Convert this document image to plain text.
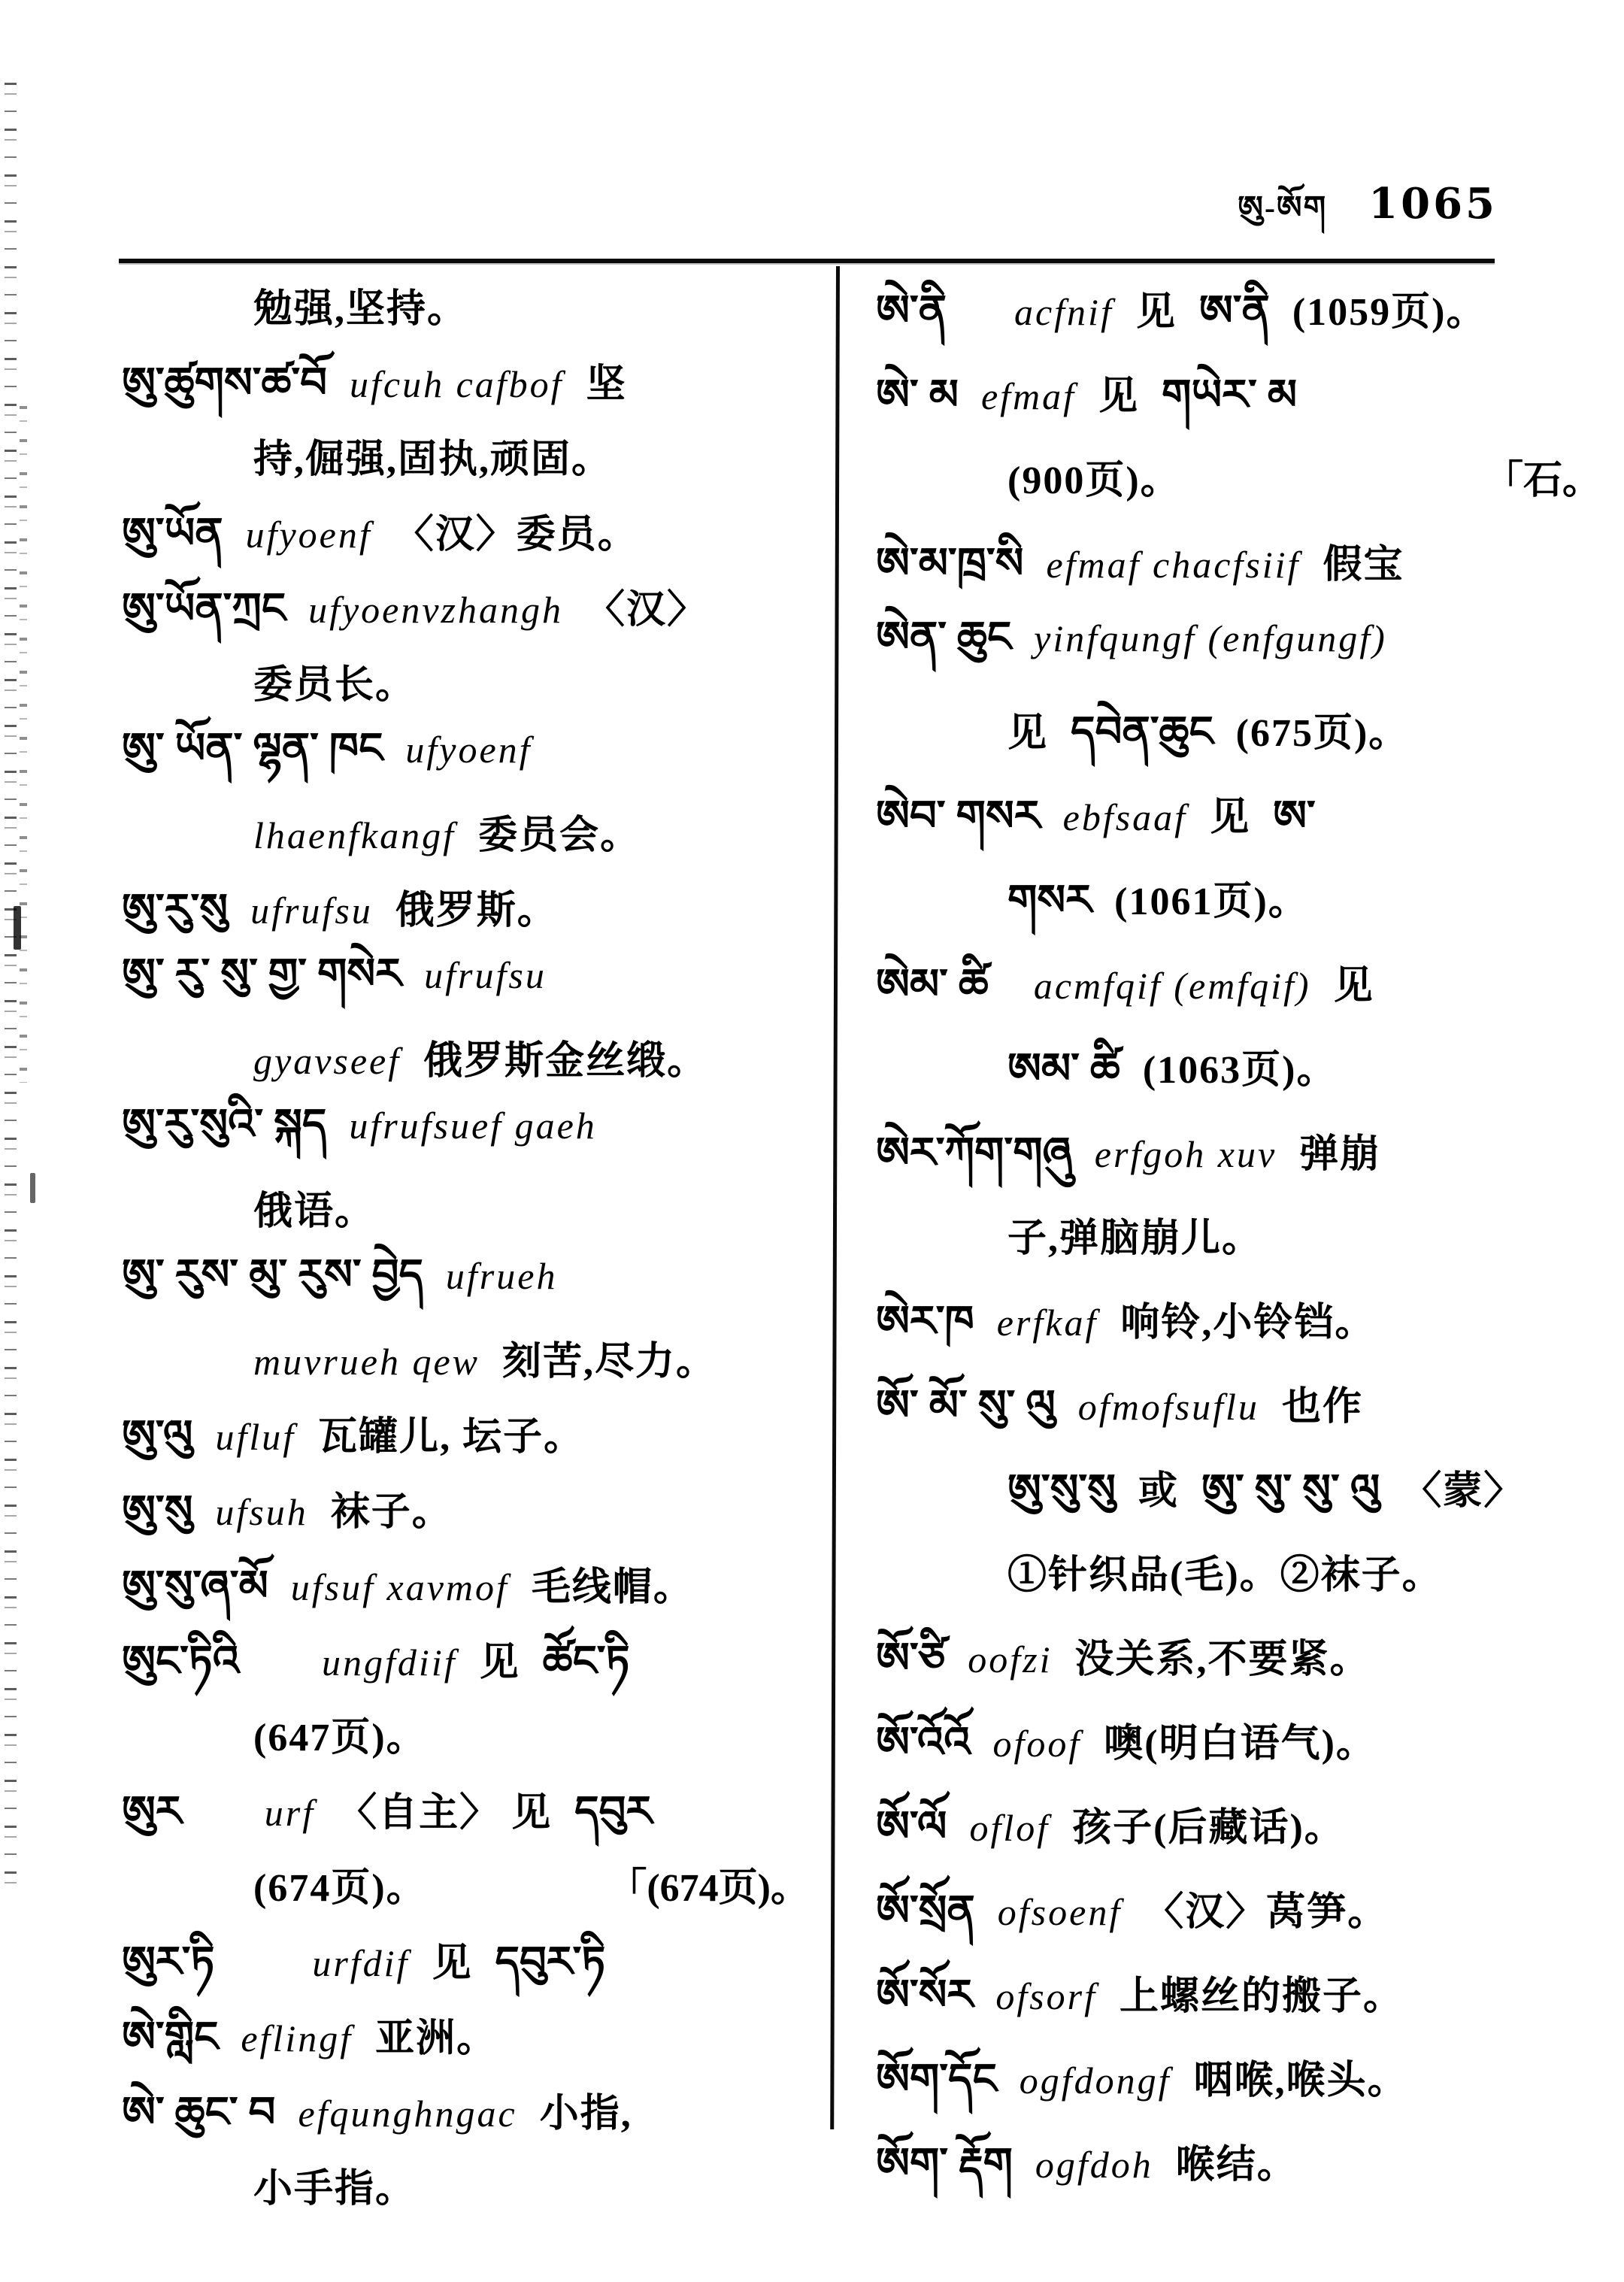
ཨུ-ཨོག 1065
勉强,坚持。
ཨུ་ཚུགས་ཚ་བོ ufcuh cafbof 坚
持,倔强,固执,顽固。
ཨུ་ཡོན ufyoenf 〈汉〉委员。
ཨུ་ཡོན་ཀྲང ufyoenvzhangh 〈汉〉
委员长。
ཨུ་ ཡོན་ ལྷན་ ཁང ufyoenf
lhaenfkangf 委员会。
ཨུ་རུ་སུ ufrufsu 俄罗斯。
ཨུ་ རུ་ སུ་ གྱ་ གསེར ufrufsu
gyavseef 俄罗斯金丝缎。
ཨུ་རུ་སུའི་ སྐད ufrufsuef gaeh
俄语。
ཨུ་ རུས་ མུ་ རུས་ བྱེད ufrueh
muvrueh qew 刻苦,尽力。
ཨུ་ལུ ufluf 瓦罐儿, 坛子。
ཨུ་སུ ufsuh 袜子。
ཨུ་སུ་ཞ་མོ ufsuf xavmof 毛线帽。
ཨུང་ཏིའི ungfdiif 见 ཚོང་ཏི
(647页)。
ཨུར urf 〈自主〉 见 དབུར
(674页)。	「(674页)。
ཨུར་ཏི	urfdif 见 དབུར་ཏི
ཨེ་གླིང eflingf 亚洲。
ཨེ་ ཆུང་ བ efqunghngac 小指,
小手指。
ཨེ་ནི acfnif 见 ཨ་ནི (1059页)。
ཨེ་ མ efmaf 见 གཡེར་ མ
(900页)。	「石。
ཨེ་མ་ཁྲ་སི efmaf chacfsiif 假宝
ཨེན་ ཆུང yinfqungf (enfgungf)
见 དབེན་ཆུང (675页)。
ཨེབ་ གསར ebfsaaf 见 ཨ་
གསར (1061页)。
ཨེམ་ ཚི acmfqif (emfqif) 见
ཨམ་ ཚི (1063页)。
ཨེར་ཀོག་གཞུ erfgoh xuv 弹崩
子,弹脑崩儿。
ཨེར་ཁ erfkaf 响铃,小铃铛。
ཨོ་ མོ་ སུ་ ལུ ofmofsuflu 也作
ཨུ་སུ་སུ 或 ཨུ་ སུ་ སུ་ ལུ 〈蒙〉
①针织品(毛)。②袜子。
ཨོ་ཙི oofzi 没关系,不要紧。
ཨོ་འོའོ ofoof 噢(明白语气)。
ཨོ་ལོ oflof 孩子(后藏话)。
ཨོ་སྲོན ofsoenf 〈汉〉莴笋。
ཨོ་སོར ofsorf 上螺丝的搬子。
ཨོག་དོང ogfdongf 咽喉,喉头。
ཨོག་ རྡོག ogfdoh 喉结。
